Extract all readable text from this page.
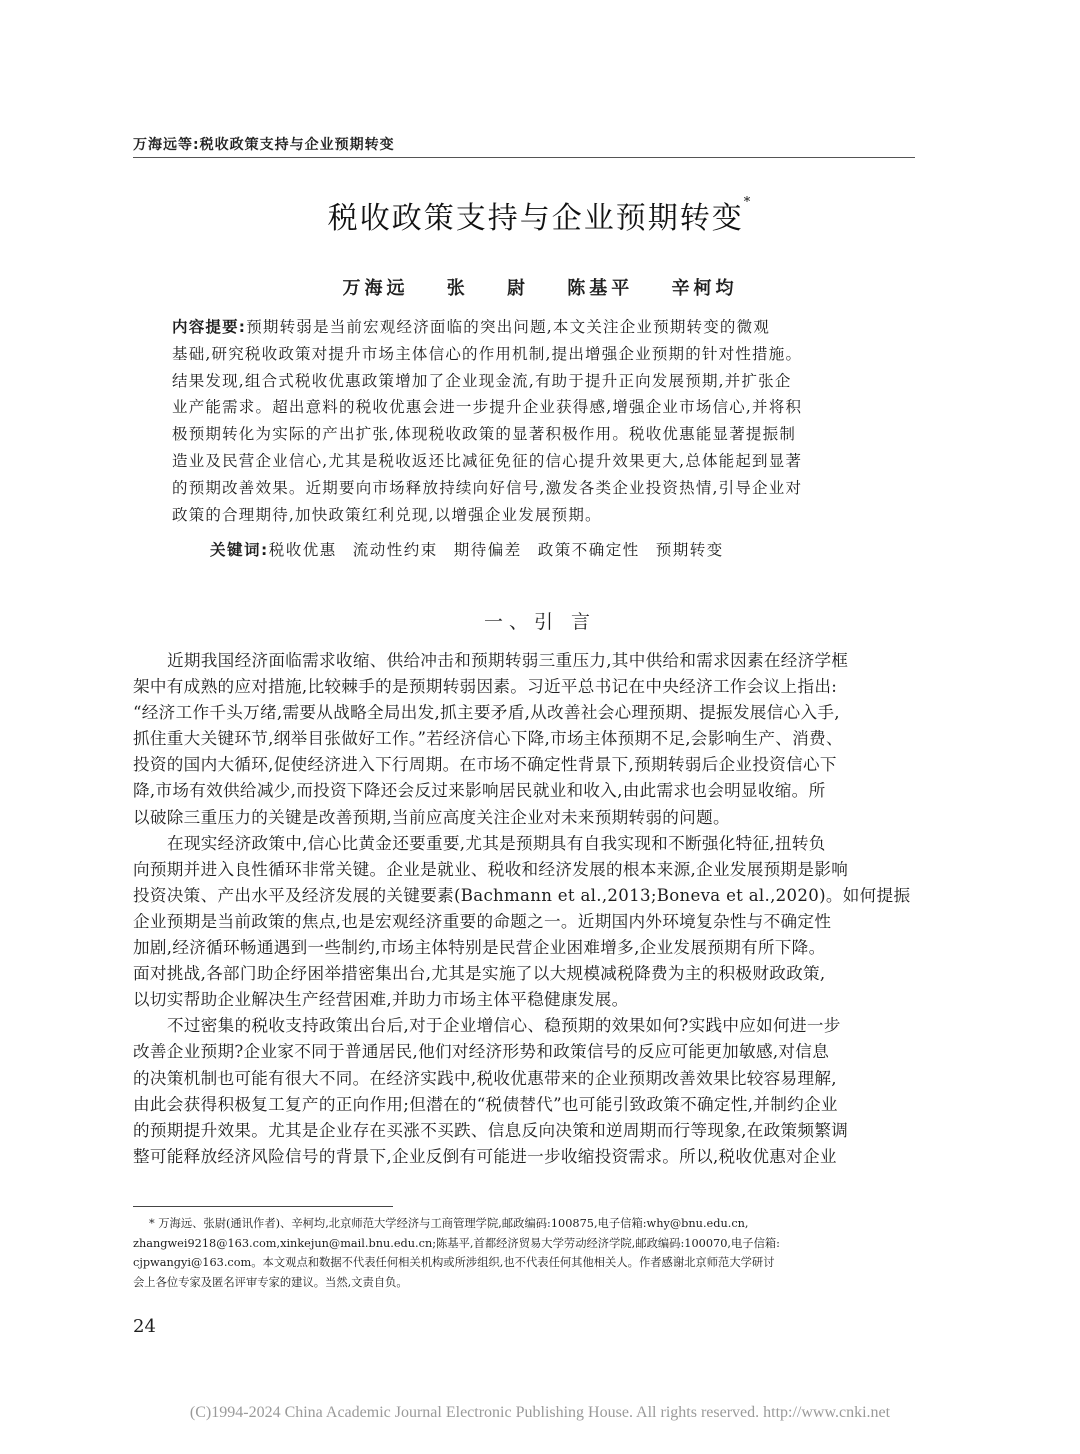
万海远等:税收政策支持与企业预期转变
税收政策支持与企业预期转变*
万海远 张 尉 陈基平 辛柯均
内容提要:预期转弱是当前宏观经济面临的突出问题,本文关注企业预期转变的微观
基础,研究税收政策对提升市场主体信心的作用机制,提出增强企业预期的针对性措施。
结果发现,组合式税收优惠政策增加了企业现金流,有助于提升正向发展预期,并扩张企
业产能需求。超出意料的税收优惠会进一步提升企业获得感,增强企业市场信心,并将积
极预期转化为实际的产出扩张,体现税收政策的显著积极作用。税收优惠能显著提振制
造业及民营企业信心,尤其是税收返还比减征免征的信心提升效果更大,总体能起到显著
的预期改善效果。近期要向市场释放持续向好信号,激发各类企业投资热情,引导企业对
政策的合理期待,加快政策红利兑现,以增强企业发展预期。
关键词:税收优惠 流动性约束 期待偏差 政策不确定性 预期转变
一、引 言
近期我国经济面临需求收缩、供给冲击和预期转弱三重压力,其中供给和需求因素在经济学框
架中有成熟的应对措施,比较棘手的是预期转弱因素。习近平总书记在中央经济工作会议上指出:
“经济工作千头万绪,需要从战略全局出发,抓主要矛盾,从改善社会心理预期、提振发展信心入手,
抓住重大关键环节,纲举目张做好工作。”若经济信心下降,市场主体预期不足,会影响生产、消费、
投资的国内大循环,促使经济进入下行周期。在市场不确定性背景下,预期转弱后企业投资信心下
降,市场有效供给减少,而投资下降还会反过来影响居民就业和收入,由此需求也会明显收缩。所
以破除三重压力的关键是改善预期,当前应高度关注企业对未来预期转弱的问题。
在现实经济政策中,信心比黄金还要重要,尤其是预期具有自我实现和不断强化特征,扭转负
向预期并进入良性循环非常关键。企业是就业、税收和经济发展的根本来源,企业发展预期是影响
投资决策、产出水平及经济发展的关键要素(Bachmann et al.,2013;Boneva et al.,2020)。如何提振
企业预期是当前政策的焦点,也是宏观经济重要的命题之一。近期国内外环境复杂性与不确定性
加剧,经济循环畅通遇到一些制约,市场主体特别是民营企业困难增多,企业发展预期有所下降。
面对挑战,各部门助企纾困举措密集出台,尤其是实施了以大规模减税降费为主的积极财政政策,
以切实帮助企业解决生产经营困难,并助力市场主体平稳健康发展。
不过密集的税收支持政策出台后,对于企业增信心、稳预期的效果如何?实践中应如何进一步
改善企业预期?企业家不同于普通居民,他们对经济形势和政策信号的反应可能更加敏感,对信息
的决策机制也可能有很大不同。在经济实践中,税收优惠带来的企业预期改善效果比较容易理解,
由此会获得积极复工复产的正向作用;但潜在的“税债替代”也可能引致政策不确定性,并制约企业
的预期提升效果。尤其是企业存在买涨不买跌、信息反向决策和逆周期而行等现象,在政策频繁调
整可能释放经济风险信号的背景下,企业反倒有可能进一步收缩投资需求。所以,税收优惠对企业
* 万海远、张尉(通讯作者)、辛柯均,北京师范大学经济与工商管理学院,邮政编码:100875,电子信箱:why@bnu.edu.cn,
zhangwei9218@163.com,xinkejun@mail.bnu.edu.cn;陈基平,首都经济贸易大学劳动经济学院,邮政编码:100070,电子信箱:
cjpwangyi@163.com。本文观点和数据不代表任何相关机构或所涉组织,也不代表任何其他相关人。作者感谢北京师范大学研讨
会上各位专家及匿名评审专家的建议。当然,文责自负。
24
(C)1994-2024 China Academic Journal Electronic Publishing House. All rights reserved. http://www.cnki.net
